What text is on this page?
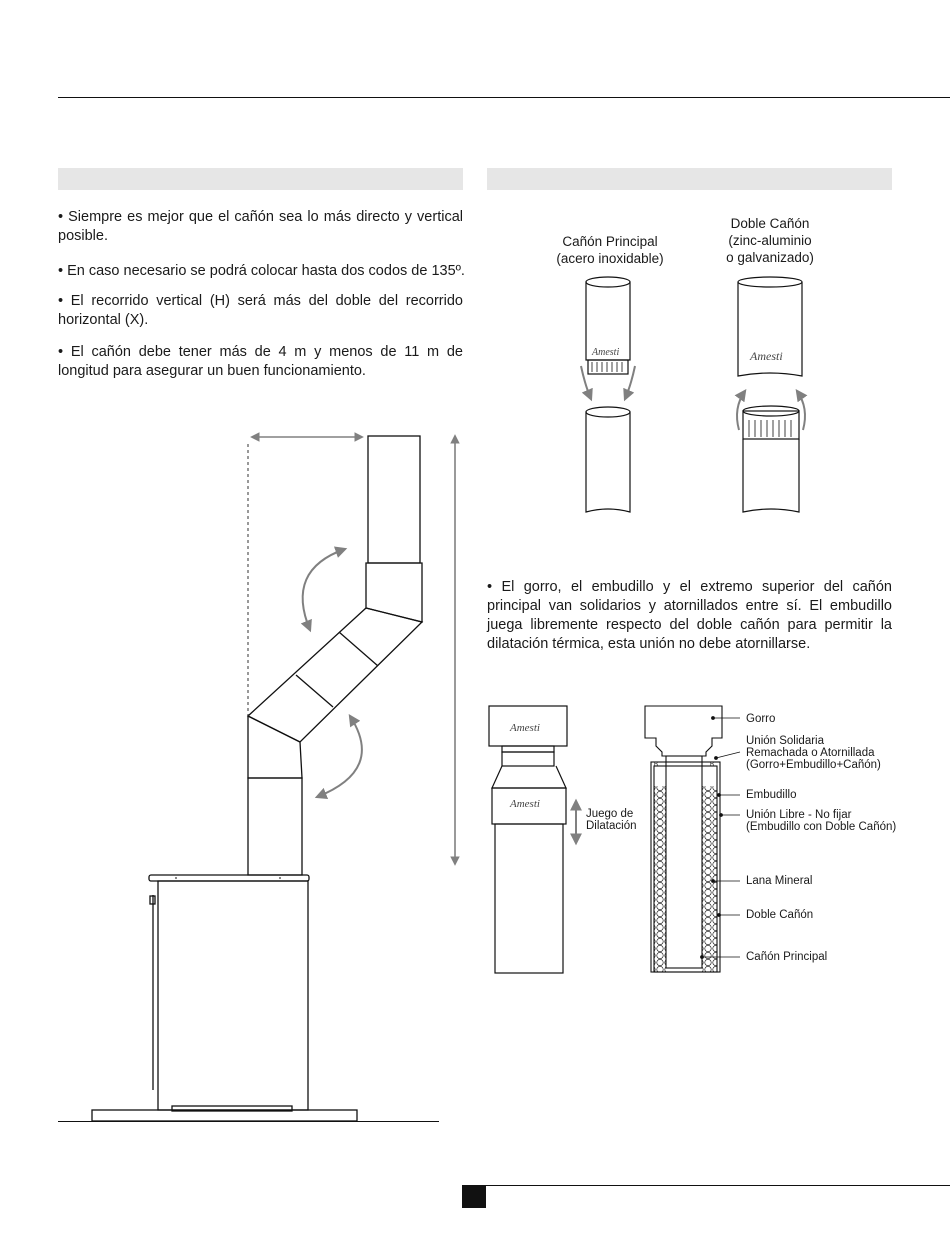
• Siempre es mejor que el cañón sea lo más directo y vertical posible.

• En caso necesario se podrá colocar hasta dos codos de 135º.

• El recorrido vertical (H) será más del doble del recorrido horizontal (X).

• El cañón debe tener más de 4 m y menos de 11 m de longitud para asegurar un buen funcionamiento.

Cañón Principal
(acero inoxidable)
Doble Cañón
(zinc-aluminio
o galvanizado)
Amesti	Amesti

• El gorro, el embudillo y el extremo superior del cañón principal van solidarios y atornillados entre sí. El embudillo juega libremente respecto del doble cañón para permitir la dilatación térmica, esta unión no debe atornillarse.

Amesti
Amesti
B	B
Juego de
Dilatación
Gorro
Unión Solidaria
Remachada o Atornillada
(Gorro+Embudillo+Cañón)
Embudillo
Unión Libre - No fijar
(Embudillo con Doble Cañón)
Lana Mineral
Doble Cañón
Cañón Principal
